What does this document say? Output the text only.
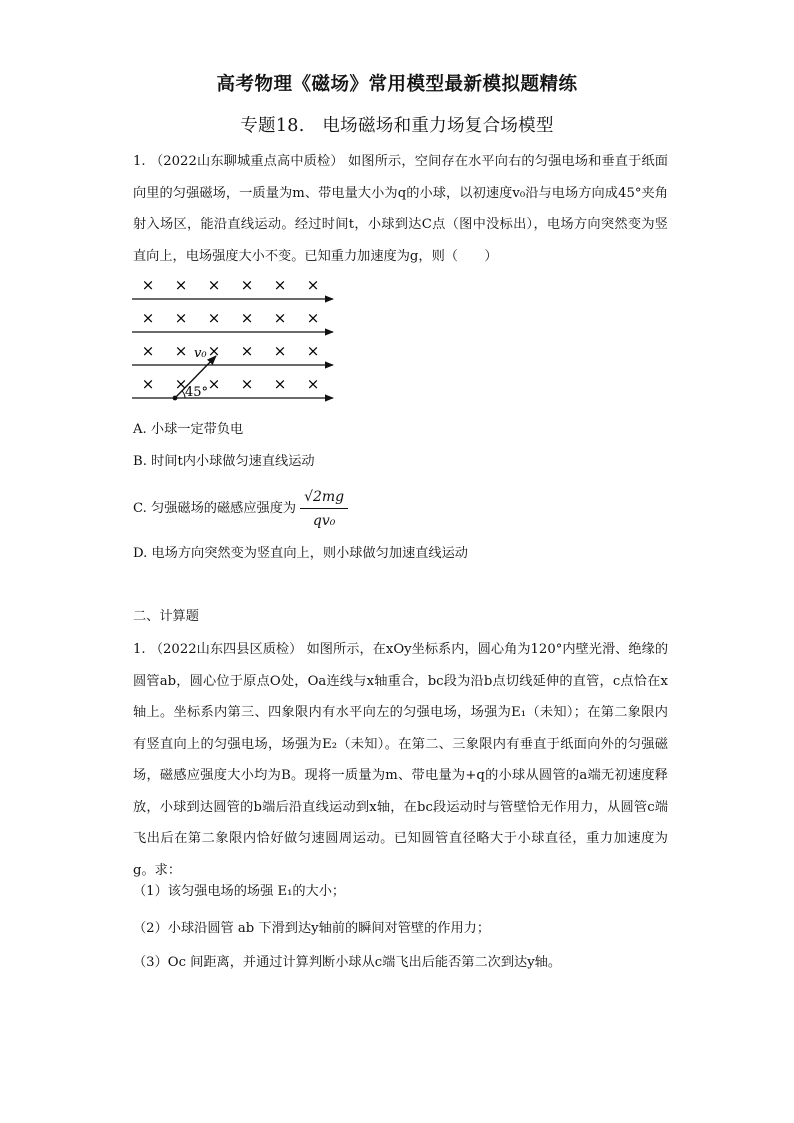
高考物理《磁场》常用模型最新模拟题精练
专题18.　电场磁场和重力场复合场模型

1. （2022山东聊城重点高中质检） 如图所示，空间存在水平向右的匀强电场和垂直于纸面向里的匀强磁场，一质量为m、带电量大小为q的小球，以初速度v₀沿与电场方向成45°夹角射入场区，能沿直线运动。经过时间t，小球到达C点（图中没标出），电场方向突然变为竖直向上，电场强度大小不变。已知重力加速度为g，则（　　）

× × × × × ×
× × × × × ×
× × × × × ×
× × × × × ×
v₀
45°
A. 小球一定带负电
B. 时间t内小球做匀速直线运动
C. 匀强磁场的磁感应强度为 $\frac{√2mg}{\text{qv₀}}$
D. 电场方向突然变为竖直向上，则小球做匀加速直线运动
二、计算题

1. （2022山东四县区质检） 如图所示，在xOy坐标系内，圆心角为120°内壁光滑、绝缘的圆管ab，圆心位于原点O处，Oa连线与x轴重合，bc段为沿b点切线延伸的直管，c点恰在x轴上。坐标系内第三、四象限内有水平向左的匀强电场，场强为E₁（未知）；在第二象限内有竖直向上的匀强电场，场强为E₂（未知）。在第二、三象限内有垂直于纸面向外的匀强磁场，磁感应强度大小均为B。现将一质量为m、带电量为+q的小球从圆管的a端无初速度释放，小球到达圆管的b端后沿直线运动到x轴，在bc段运动时与管壁恰无作用力，从圆管c端飞出后在第二象限内恰好做匀速圆周运动。已知圆管直径略大于小球直径，重力加速度为g。求：

（1）该匀强电场的场强 E₁的大小；
（2）小球沿圆管 ab 下滑到达y轴前的瞬间对管壁的作用力；
（3）Oc 间距离，并通过计算判断小球从c端飞出后能否第二次到达y轴。
